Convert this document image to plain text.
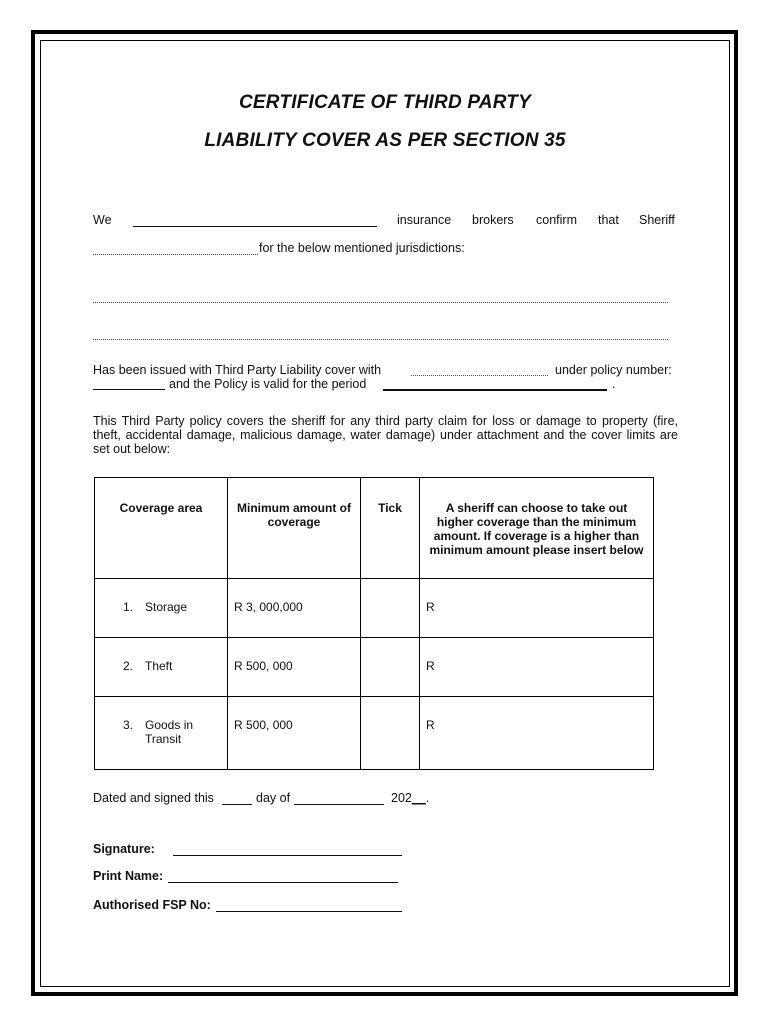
CERTIFICATE OF THIRD PARTY
LIABILITY COVER AS PER SECTION 35
We	insurance brokers confirm that Sheriff
for the below mentioned jurisdictions:
Has been issued with Third Party Liability cover with	under policy number:
and the Policy is valid for the period	.
This Third Party policy covers the sheriff for any third party claim for loss or damage to property (fire, theft, accidental damage, malicious damage, water damage) under attachment and the cover limits are set out below:
Coverage area	Minimum amount of coverage	Tick	A sheriff can choose to take out higher coverage than the minimum amount. If coverage is a higher than minimum amount please insert below
1. Storage	R 3, 000,000		R
2. Theft	R 500, 000		R

3. Goods in Transit	R 500, 000		R
Dated and signed this	day of	202__.
Signature:
Print Name:
Authorised FSP No:
